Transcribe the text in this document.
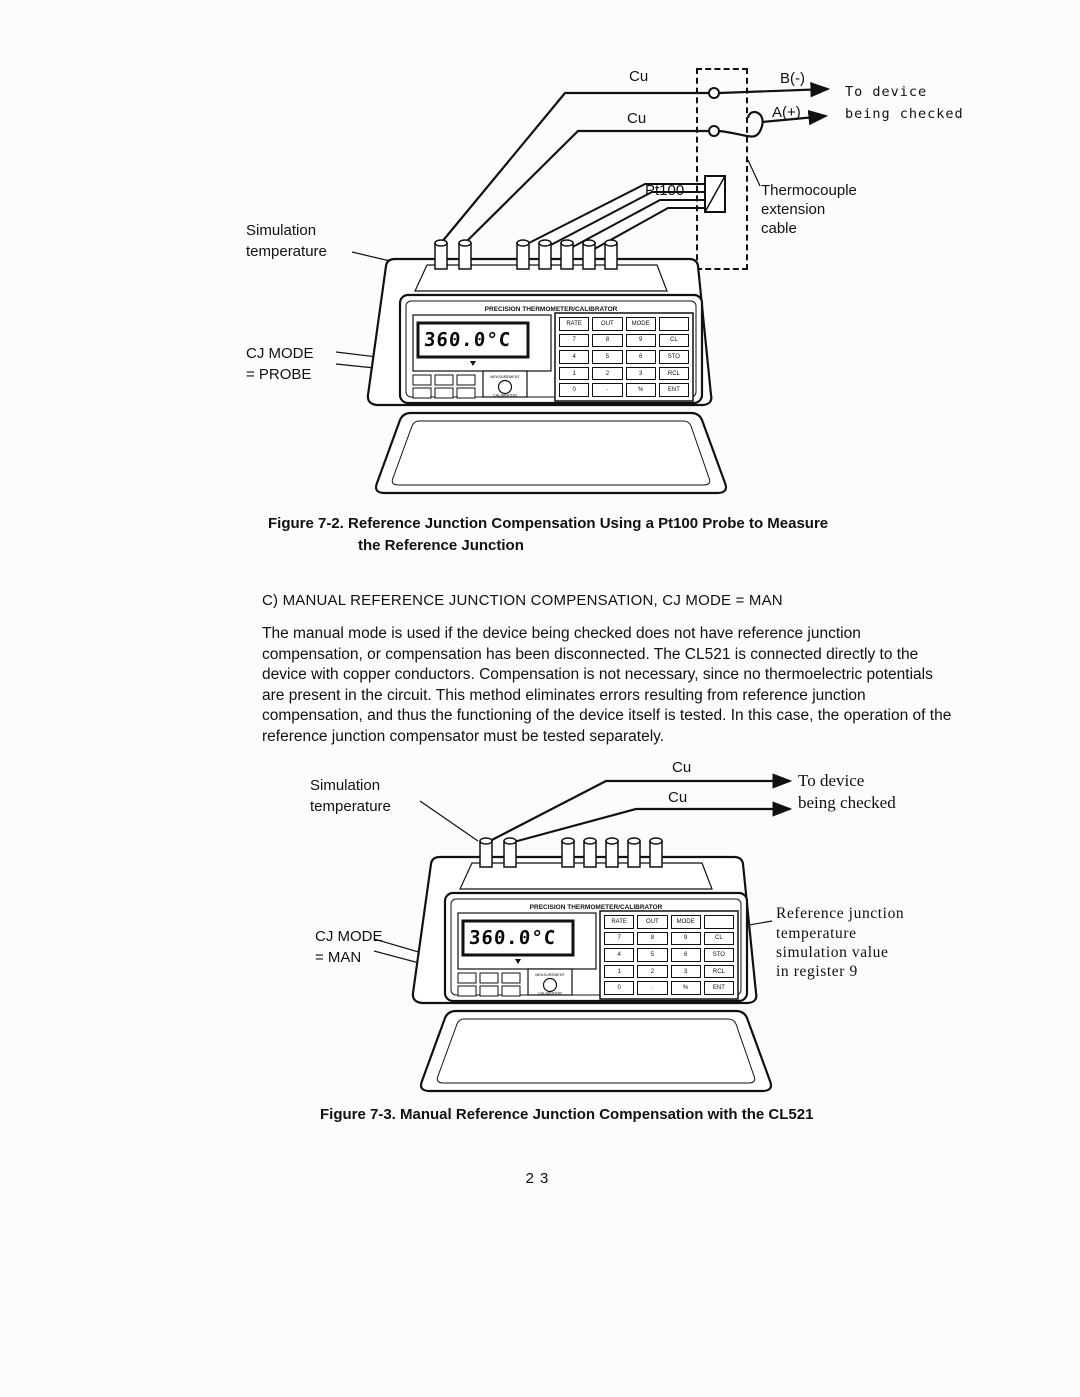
Cu
Cu
B(-)
A(+)
To device
being checked
Pt100	Thermocouple
extension
cable
Simulation
temperature
CJ MODE
= PROBE
PRECISION THERMOMETER/CALIBRATOR
MEASUREMENT
CALIBRATOR
360.0°C
RATE	OUT	MODE
7	8	9	CL
4	5	6	STO
1	2	3	RCL
0	·	%	ENT
Figure 7-2. Reference Junction Compensation Using a Pt100 Probe to Measure
the Reference Junction
C) MANUAL REFERENCE JUNCTION COMPENSATION, CJ MODE = MAN
The manual mode is used if the device being checked does not have reference junction compensation, or compensation has been disconnected. The CL521 is connected directly to the device with copper conductors. Compensation is not necessary, since no thermoelectric potentials are present in the circuit. This method eliminates errors resulting from reference junction compensation, and thus the functioning of the device itself is tested. In this case, the operation of the reference junction compensator must be tested separately.
Simulation
temperature
Cu
Cu
To device
being checked
CJ MODE
= MAN
Reference junction
temperature
simulation value
in register 9
PRECISION THERMOMETER/CALIBRATOR
MEASUREMENT
CALIBRATOR
360.0°C
RATE	OUT	MODE
7	8	9	CL
4	5	6	STO
1	2	3	RCL
0	·	%	ENT
Figure 7-3. Manual Reference Junction Compensation with the CL521
23
